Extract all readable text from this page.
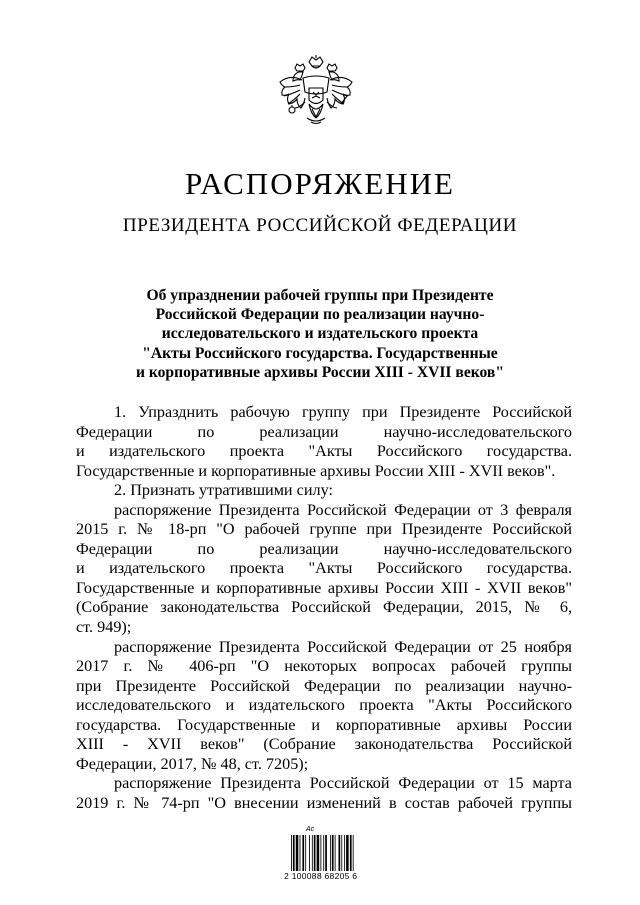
РАСПОРЯЖЕНИЕ
ПРЕЗИДЕНТА РОССИЙСКОЙ ФЕДЕРАЦИИ
Об упразднении рабочей группы при Президенте
Российской Федерации по реализации научно-
исследовательского и издательского проекта
"Акты Российского государства. Государственные
и корпоративные архивы России XIII - XVII веков"
1. Упразднить рабочую группу при Президенте Российской
Федерации по реализации научно-исследовательского
и издательского проекта "Акты Российского государства.
Государственные и корпоративные архивы России XIII - XVII веков".
2. Признать утратившими силу:
распоряжение Президента Российской Федерации от 3 февраля
2015 г. № 18-рп "О рабочей группе при Президенте Российской
Федерации по реализации научно-исследовательского
и издательского проекта "Акты Российского государства.
Государственные и корпоративные архивы России XIII - XVII веков"
(Собрание законодательства Российской Федерации, 2015, № 6,
ст. 949);
распоряжение Президента Российской Федерации от 25 ноября
2017 г. № 406-рп "О некоторых вопросах рабочей группы
при Президенте Российской Федерации по реализации научно-
исследовательского и издательского проекта "Акты Российского
государства. Государственные и корпоративные архивы России
XIII - XVII веков" (Собрание законодательства Российской
Федерации, 2017, № 48, ст. 7205);
распоряжение Президента Российской Федерации от 15 марта
2019 г. № 74-рп "О внесении изменений в состав рабочей группы
Ас
2 100088 68205 6
